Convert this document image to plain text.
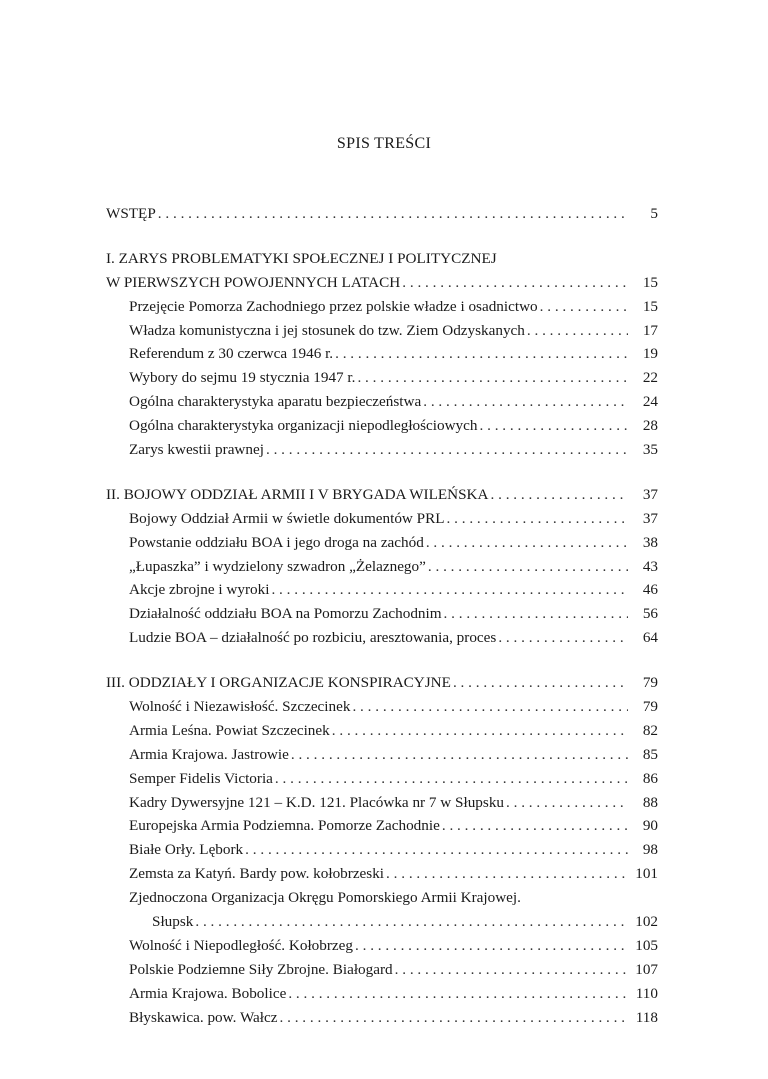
SPIS TREŚCI
WSTĘP . . .	5
I. ZARYS PROBLEMATYKI SPOŁECZNEJ I POLITYCZNEJ
W PIERWSZYCH POWOJENNYCH LATACH . . .	15
Przejęcie Pomorza Zachodniego przez polskie władze i osadnictwo . . .	15
Władza komunistyczna i jej stosunek do tzw. Ziem Odzyskanych . . .	17
Referendum z 30 czerwca 1946 r. . . .	19
Wybory do sejmu 19 stycznia 1947 r. . . .	22
Ogólna charakterystyka aparatu bezpieczeństwa . . .	24
Ogólna charakterystyka organizacji niepodległościowych . . .	28
Zarys kwestii prawnej . . .	35
II. BOJOWY ODDZIAŁ ARMII I V BRYGADA WILEŃSKA . . .	37
Bojowy Oddział Armii w świetle dokumentów PRL . . .	37
Powstanie oddziału BOA i jego droga na zachód . . .	38
„Łupaszka” i wydzielony szwadron „Żelaznego” . . .	43
Akcje zbrojne i wyroki . . .	46
Działalność oddziału BOA na Pomorzu Zachodnim . . .	56
Ludzie BOA – działalność po rozbiciu, aresztowania, proces . . .	64
III. ODDZIAŁY I ORGANIZACJE KONSPIRACYJNE . . .	79
Wolność i Niezawisłość. Szczecinek . . .	79
Armia Leśna. Powiat Szczecinek . . .	82
Armia Krajowa. Jastrowie . . .	85
Semper Fidelis Victoria . . .	86
Kadry Dywersyjne 121 – K.D. 121. Placówka nr 7 w Słupsku . . .	88
Europejska Armia Podziemna. Pomorze Zachodnie . . .	90
Białe Orły. Lębork . . .	98
Zemsta za Katyń. Bardy pow. kołobrzeski . . .	101
Zjednoczona Organizacja Okręgu Pomorskiego Armii Krajowej.
Słupsk . . .	102
Wolność i Niepodległość. Kołobrzeg . . .	105
Polskie Podziemne Siły Zbrojne. Białogard . . .	107
Armia Krajowa. Bobolice . . .	110
Błyskawica. pow. Wałcz . . .	118
